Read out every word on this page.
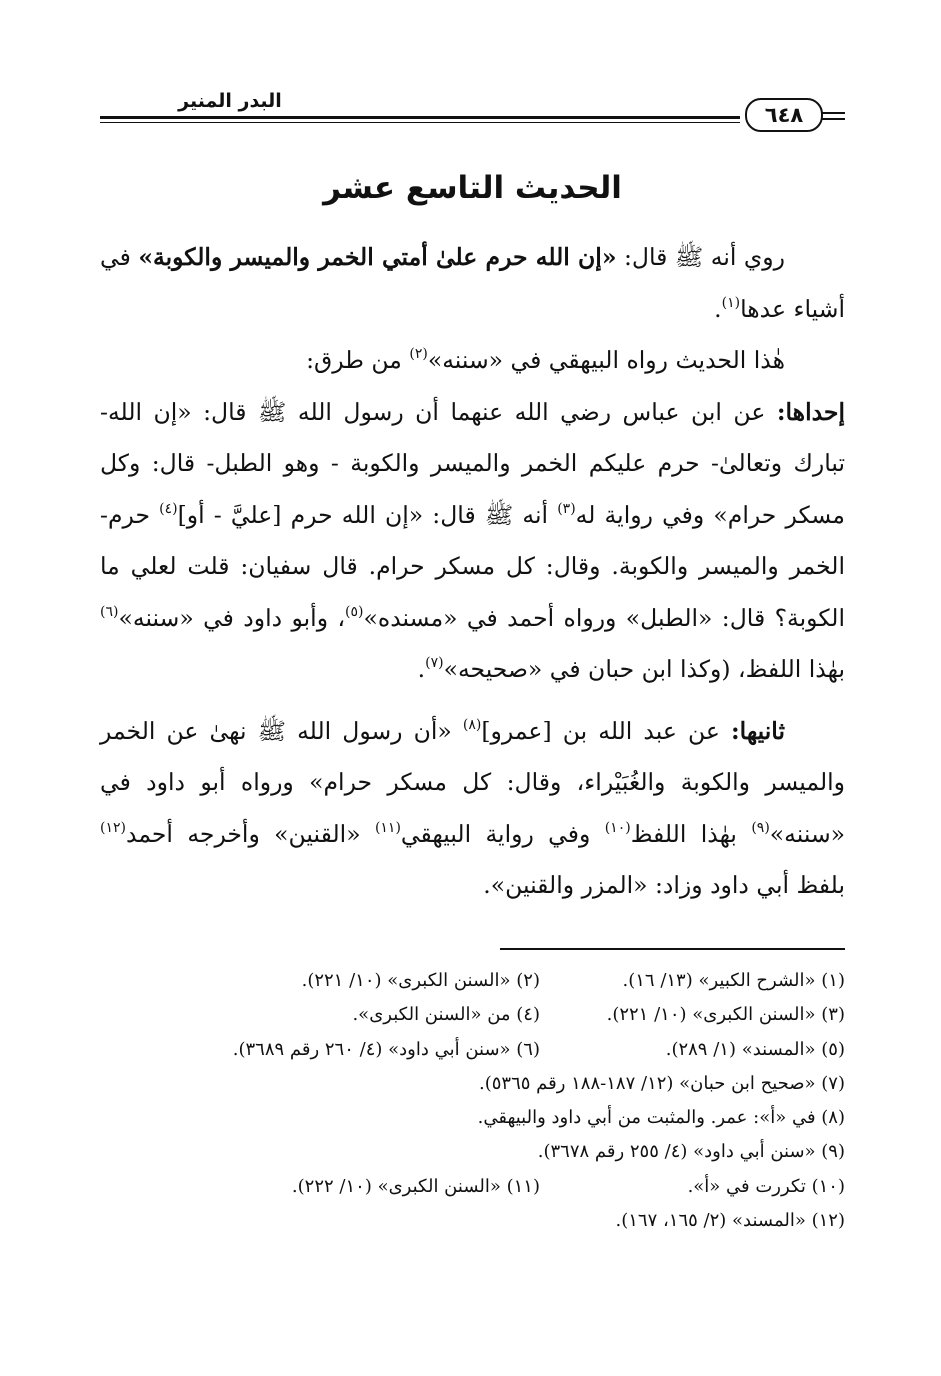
البدر المنير
٦٤٨
الحديث التاسع عشر

روي أنه ﷺ قال: «إن الله حرم علىٰ أمتي الخمر والميسر والكوبة» في أشياء عدها$^{(١)}$.

هٰذا الحديث رواه البيهقي في «سننه»$^{(٢)}$ من طرق:

إحداها: عن ابن عباس رضي الله عنهما أن رسول الله ﷺ قال: «إن الله- تبارك وتعالىٰ- حرم عليكم الخمر والميسر والكوبة - وهو الطبل- قال: وكل مسكر حرام» وفي رواية له$^{(٣)}$ أنه ﷺ قال: «إن الله حرم [عليَّ - أو]$^{(٤)}$ حرم- الخمر والميسر والكوبة. وقال: كل مسكر حرام. قال سفيان: قلت لعلي ما الكوبة؟ قال: «الطبل» ورواه أحمد في «مسنده»$^{(٥)}$، وأبو داود في «سننه»$^{(٦)}$ بهٰذا اللفظ، (وكذا ابن حبان في «صحيحه»$^{(٧)}$.

ثانيها: عن عبد الله بن [عمرو]$^{(٨)}$ «أن رسول الله ﷺ نهىٰ عن الخمر والميسر والكوبة والغُبَيْراء، وقال: كل مسكر حرام» ورواه أبو داود في «سننه»$^{(٩)}$ بهٰذا اللفظ$^{(١٠)}$ وفي رواية البيهقي$^{(١١)}$ «القنين» وأخرجه أحمد$^{(١٢)}$ بلفظ أبي داود وزاد: «المزر والقنين».

(١) «الشرح الكبير» (١٣/ ١٦).
(٢) «السنن الكبرى» (١٠/ ٢٢١).
(٣) «السنن الكبرى» (١٠/ ٢٢١).
(٤) من «السنن الكبرى».
(٥) «المسند» (١/ ٢٨٩).
(٦) «سنن أبي داود» (٤/ ٢٦٠ رقم ٣٦٨٩).
(٧) «صحيح ابن حبان» (١٢/ ١٨٧-١٨٨ رقم ٥٣٦٥).
(٨) في «أ»: عمر. والمثبت من أبي داود والبيهقي.
(٩) «سنن أبي داود» (٤/ ٢٥٥ رقم ٣٦٧٨).
(١٠) تكررت في «أ».
(١١) «السنن الكبرى» (١٠/ ٢٢٢).
(١٢) «المسند» (٢/ ١٦٥، ١٦٧).
